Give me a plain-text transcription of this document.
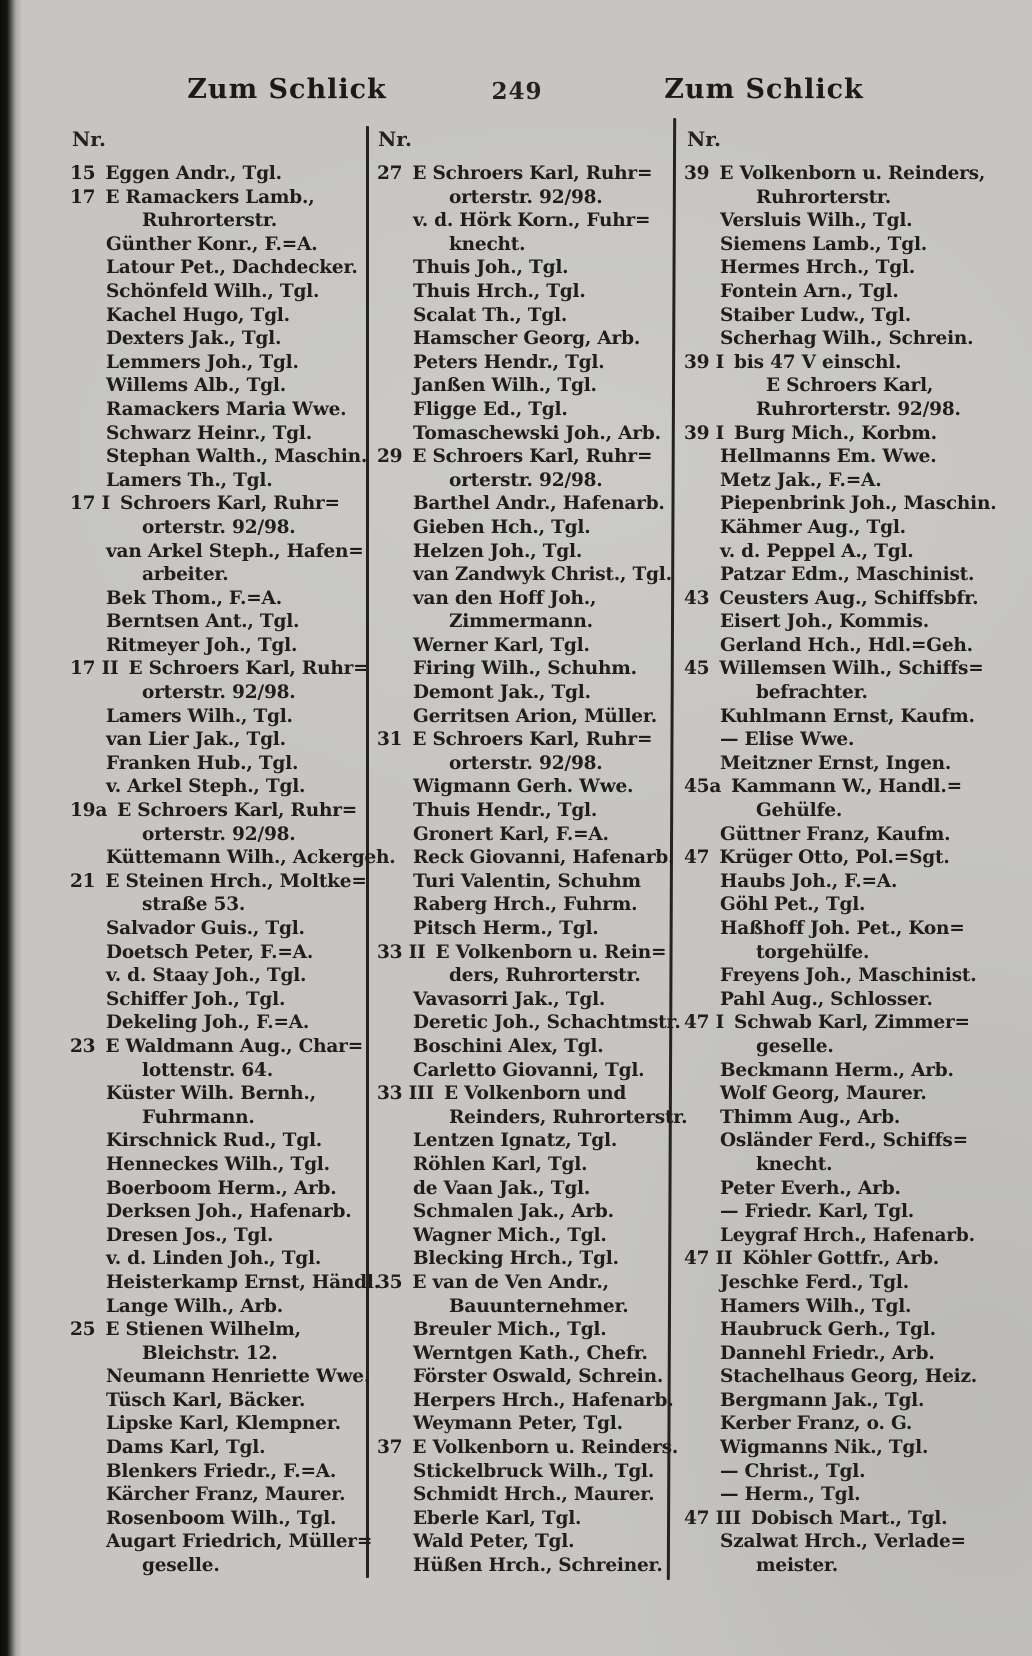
Zum Schlick	249	Zum Schlick
Nr.	Nr.	Nr.
15 Eggen Andr., Tgl.
17 E Ramackers Lamb.,
Ruhrorterstr.
Günther Konr., F.=A.
Latour Pet., Dachdecker.
Schönfeld Wilh., Tgl.
Kachel Hugo, Tgl.
Dexters Jak., Tgl.
Lemmers Joh., Tgl.
Willems Alb., Tgl.
Ramackers Maria Wwe.
Schwarz Heinr., Tgl.
Stephan Walth., Maschin.
Lamers Th., Tgl.
17 I Schroers Karl, Ruhr=
orterstr. 92/98.
van Arkel Steph., Hafen=
arbeiter.
Bek Thom., F.=A.
Berntsen Ant., Tgl.
Ritmeyer Joh., Tgl.
17 II E Schroers Karl, Ruhr=
orterstr. 92/98.
Lamers Wilh., Tgl.
van Lier Jak., Tgl.
Franken Hub., Tgl.
v. Arkel Steph., Tgl.
19a E Schroers Karl, Ruhr=
orterstr. 92/98.
Küttemann Wilh., Ackergeh.
21 E Steinen Hrch., Moltke=
straße 53.
Salvador Guis., Tgl.
Doetsch Peter, F.=A.
v. d. Staay Joh., Tgl.
Schiffer Joh., Tgl.
Dekeling Joh., F.=A.
23 E Waldmann Aug., Char=
lottenstr. 64.
Küster Wilh. Bernh.,
Fuhrmann.
Kirschnick Rud., Tgl.
Henneckes Wilh., Tgl.
Boerboom Herm., Arb.
Derksen Joh., Hafenarb.
Dresen Jos., Tgl.
v. d. Linden Joh., Tgl.
Heisterkamp Ernst, Händl.
Lange Wilh., Arb.
25 E Stienen Wilhelm,
Bleichstr. 12.
Neumann Henriette Wwe.
Tüsch Karl, Bäcker.
Lipske Karl, Klempner.
Dams Karl, Tgl.
Blenkers Friedr., F.=A.
Kärcher Franz, Maurer.
Rosenboom Wilh., Tgl.
Augart Friedrich, Müller=
geselle.
27 E Schroers Karl, Ruhr=
orterstr. 92/98.
v. d. Hörk Korn., Fuhr=
knecht.
Thuis Joh., Tgl.
Thuis Hrch., Tgl.
Scalat Th., Tgl.
Hamscher Georg, Arb.
Peters Hendr., Tgl.
Janßen Wilh., Tgl.
Fligge Ed., Tgl.
Tomaschewski Joh., Arb.
29 E Schroers Karl, Ruhr=
orterstr. 92/98.
Barthel Andr., Hafenarb.
Gieben Hch., Tgl.
Helzen Joh., Tgl.
van Zandwyk Christ., Tgl.
van den Hoff Joh.,
Zimmermann.
Werner Karl, Tgl.
Firing Wilh., Schuhm.
Demont Jak., Tgl.
Gerritsen Arion, Müller.
31 E Schroers Karl, Ruhr=
orterstr. 92/98.
Wigmann Gerh. Wwe.
Thuis Hendr., Tgl.
Gronert Karl, F.=A.
Reck Giovanni, Hafenarb.
Turi Valentin, Schuhm
Raberg Hrch., Fuhrm.
Pitsch Herm., Tgl.
33 II E Volkenborn u. Rein=
ders, Ruhrorterstr.
Vavasorri Jak., Tgl.
Deretic Joh., Schachtmstr.
Boschini Alex, Tgl.
Carletto Giovanni, Tgl.
33 III E Volkenborn und
Reinders, Ruhrorterstr.
Lentzen Ignatz, Tgl.
Röhlen Karl, Tgl.
de Vaan Jak., Tgl.
Schmalen Jak., Arb.
Wagner Mich., Tgl.
Blecking Hrch., Tgl.
35 E van de Ven Andr.,
Bauunternehmer.
Breuler Mich., Tgl.
Werntgen Kath., Chefr.
Förster Oswald, Schrein.
Herpers Hrch., Hafenarb.
Weymann Peter, Tgl.
37 E Volkenborn u. Reinders.
Stickelbruck Wilh., Tgl.
Schmidt Hrch., Maurer.
Eberle Karl, Tgl.
Wald Peter, Tgl.
Hüßen Hrch., Schreiner.
39 E Volkenborn u. Reinders,
Ruhrorterstr.
Versluis Wilh., Tgl.
Siemens Lamb., Tgl.
Hermes Hrch., Tgl.
Fontein Arn., Tgl.
Staiber Ludw., Tgl.
Scherhag Wilh., Schrein.
39 I bis 47 V einschl.
E Schroers Karl,
Ruhrorterstr. 92/98.
39 I Burg Mich., Korbm.
Hellmanns Em. Wwe.
Metz Jak., F.=A.
Piepenbrink Joh., Maschin.
Kähmer Aug., Tgl.
v. d. Peppel A., Tgl.
Patzar Edm., Maschinist.
43 Ceusters Aug., Schiffsbfr.
Eisert Joh., Kommis.
Gerland Hch., Hdl.=Geh.
45 Willemsen Wilh., Schiffs=
befrachter.
Kuhlmann Ernst, Kaufm.
— Elise Wwe.
Meitzner Ernst, Ingen.
45a Kammann W., Handl.=
Gehülfe.
Güttner Franz, Kaufm.
47 Krüger Otto, Pol.=Sgt.
Haubs Joh., F.=A.
Göhl Pet., Tgl.
Haßhoff Joh. Pet., Kon=
torgehülfe.
Freyens Joh., Maschinist.
Pahl Aug., Schlosser.
47 I Schwab Karl, Zimmer=
geselle.
Beckmann Herm., Arb.
Wolf Georg, Maurer.
Thimm Aug., Arb.
Osländer Ferd., Schiffs=
knecht.
Peter Everh., Arb.
— Friedr. Karl, Tgl.
Leygraf Hrch., Hafenarb.
47 II Köhler Gottfr., Arb.
Jeschke Ferd., Tgl.
Hamers Wilh., Tgl.
Haubruck Gerh., Tgl.
Dannehl Friedr., Arb.
Stachelhaus Georg, Heiz.
Bergmann Jak., Tgl.
Kerber Franz, o. G.
Wigmanns Nik., Tgl.
— Christ., Tgl.
— Herm., Tgl.
47 III Dobisch Mart., Tgl.
Szalwat Hrch., Verlade=
meister.
